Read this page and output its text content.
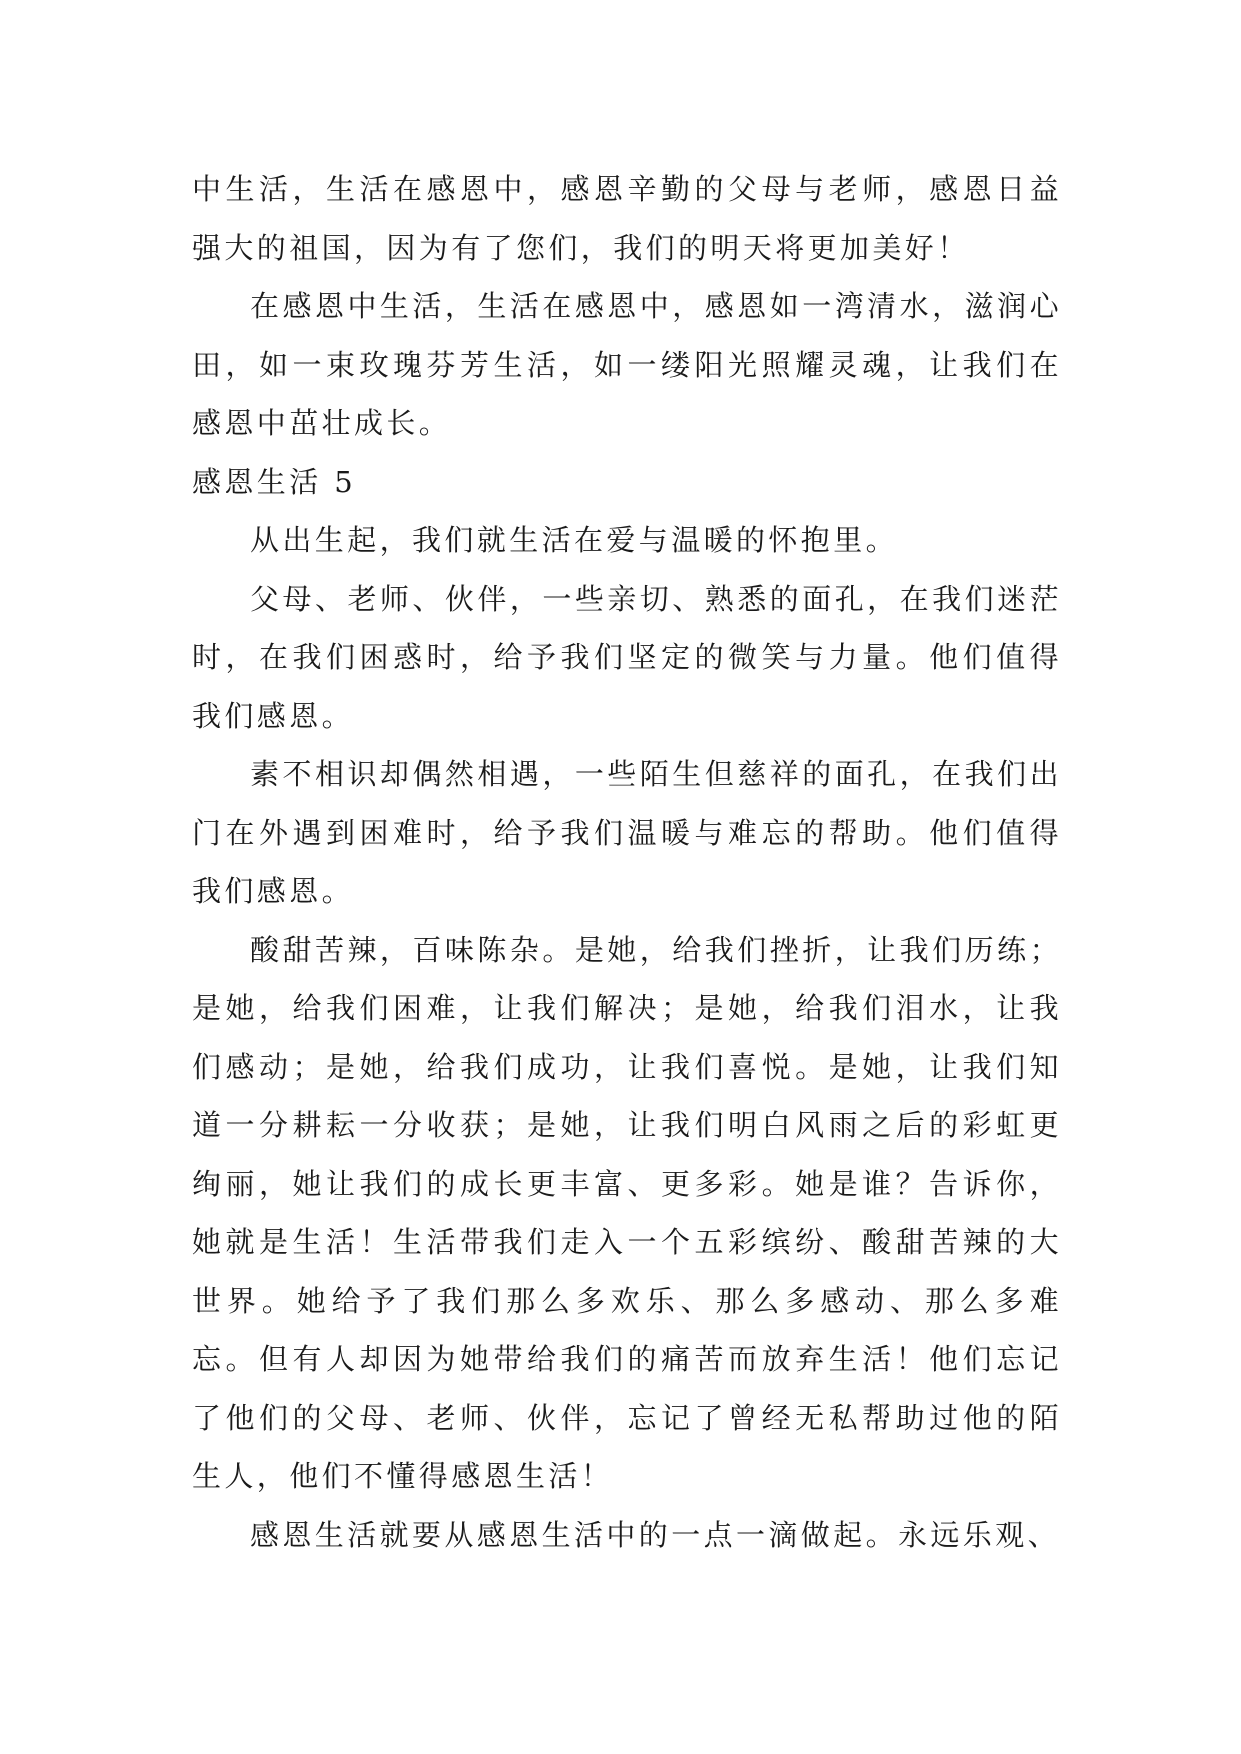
中生活，生活在感恩中，感恩辛勤的父母与老师，感恩日益强大的祖国，因为有了您们，我们的明天将更加美好！

在感恩中生活，生活在感恩中，感恩如一湾清水，滋润心田，如一束玫瑰芬芳生活，如一缕阳光照耀灵魂，让我们在感恩中茁壮成长。

感恩生活 5

从出生起，我们就生活在爱与温暖的怀抱里。

父母、老师、伙伴，一些亲切、熟悉的面孔，在我们迷茫时，在我们困惑时，给予我们坚定的微笑与力量。他们值得我们感恩。

素不相识却偶然相遇，一些陌生但慈祥的面孔，在我们出门在外遇到困难时，给予我们温暖与难忘的帮助。他们值得我们感恩。

酸甜苦辣，百味陈杂。是她，给我们挫折，让我们历练；是她，给我们困难，让我们解决；是她，给我们泪水，让我们感动；是她，给我们成功，让我们喜悦。是她，让我们知道一分耕耘一分收获；是她，让我们明白风雨之后的彩虹更绚丽，她让我们的成长更丰富、更多彩。她是谁？告诉你，她就是生活！生活带我们走入一个五彩缤纷、酸甜苦辣的大世界。她给予了我们那么多欢乐、那么多感动、那么多难忘。但有人却因为她带给我们的痛苦而放弃生活！他们忘记了他们的父母、老师、伙伴，忘记了曾经无私帮助过他的陌生人，他们不懂得感恩生活！

感恩生活就要从感恩生活中的一点一滴做起。永远乐观、
